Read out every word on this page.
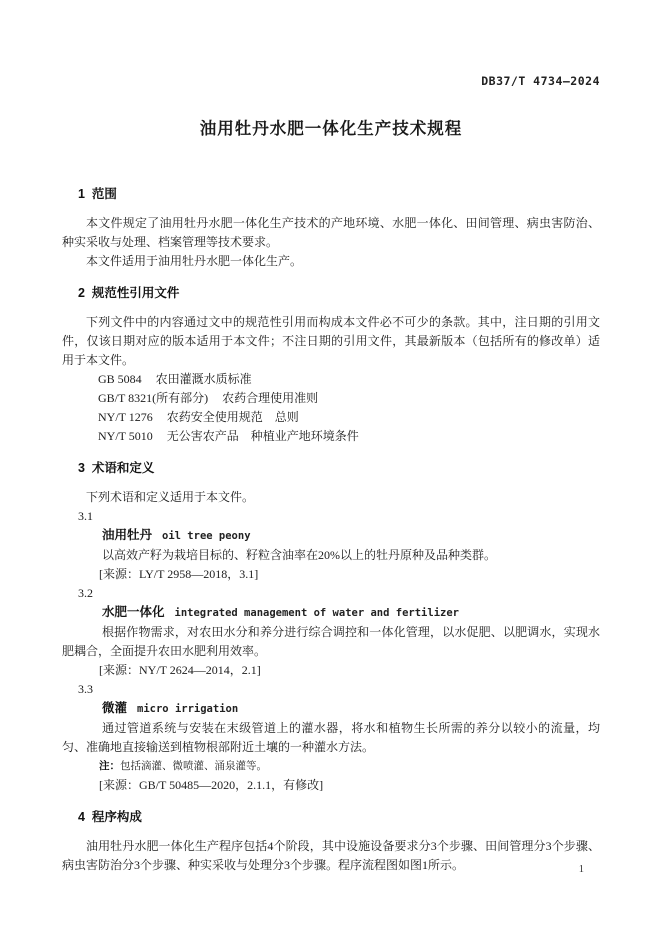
DB37/T 4734—2024
油用牡丹水肥一体化生产技术规程
1  范围

本文件规定了油用牡丹水肥一体化生产技术的产地环境、水肥一体化、田间管理、病虫害防治、种实采收与处理、档案管理等技术要求。

本文件适用于油用牡丹水肥一体化生产。

2  规范性引用文件

下列文件中的内容通过文中的规范性引用而构成本文件必不可少的条款。其中，注日期的引用文件，仅该日期对应的版本适用于本文件；不注日期的引用文件，其最新版本（包括所有的修改单）适用于本文件。

GB 5084 农田灌溉水质标准
GB/T 8321(所有部分) 农药合理使用准则
NY/T 1276 农药安全使用规范　总则
NY/T 5010 无公害农产品　种植业产地环境条件
3  术语和定义

下列术语和定义适用于本文件。

3.1
油用牡丹 oil tree peony

以高效产籽为栽培目标的、籽粒含油率在20%以上的牡丹原种及品种类群。

[来源：LY/T 2958—2018，3.1]
3.2
水肥一体化 integrated management of water and fertilizer

根据作物需求，对农田水分和养分进行综合调控和一体化管理，以水促肥、以肥调水，实现水肥耦合，全面提升农田水肥利用效率。

[来源：NY/T 2624—2014，2.1]
3.3
微灌 micro irrigation

通过管道系统与安装在末级管道上的灌水器，将水和植物生长所需的养分以较小的流量，均匀、准确地直接输送到植物根部附近土壤的一种灌水方法。

注：包括滴灌、微喷灌、涌泉灌等。
[来源：GB/T 50485—2020，2.1.1，有修改]
4  程序构成

油用牡丹水肥一体化生产程序包括4个阶段，其中设施设备要求分3个步骤、田间管理分3个步骤、病虫害防治分3个步骤、种实采收与处理分3个步骤。程序流程图如图1所示。	1
